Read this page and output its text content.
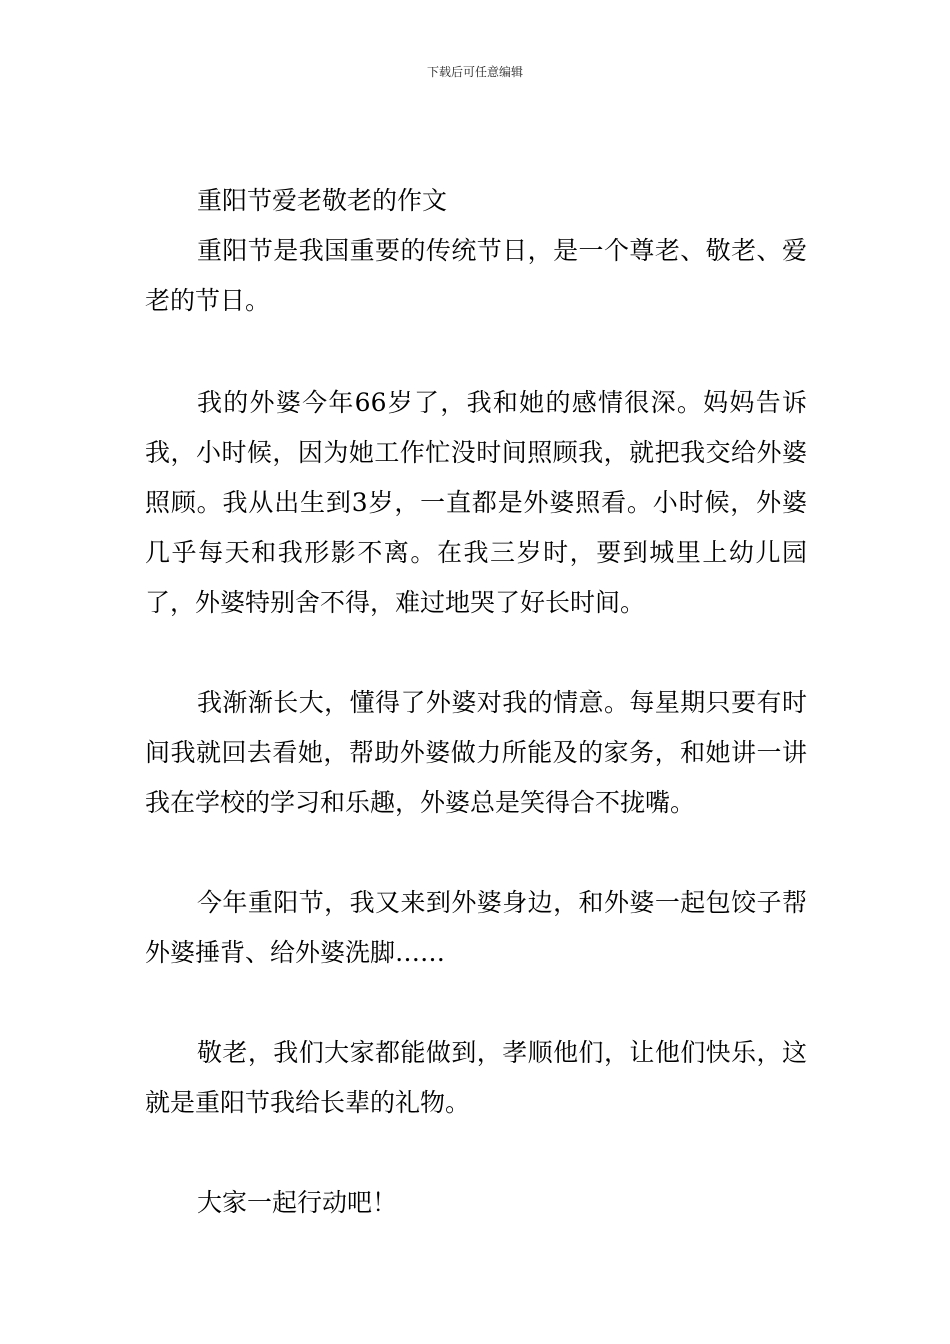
下载后可任意编辑

重阳节爱老敬老的作文

重阳节是我国重要的传统节日，是一个尊老、敬老、爱老的节日。

我的外婆今年66岁了，我和她的感情很深。妈妈告诉我，小时候，因为她工作忙没时间照顾我，就把我交给外婆照顾。我从出生到3岁，一直都是外婆照看。小时候，外婆几乎每天和我形影不离。在我三岁时，要到城里上幼儿园了，外婆特别舍不得，难过地哭了好长时间。

我渐渐长大，懂得了外婆对我的情意。每星期只要有时间我就回去看她，帮助外婆做力所能及的家务，和她讲一讲我在学校的学习和乐趣，外婆总是笑得合不拢嘴。

今年重阳节，我又来到外婆身边，和外婆一起包饺子帮外婆捶背、给外婆洗脚……

敬老，我们大家都能做到，孝顺他们，让他们快乐，这就是重阳节我给长辈的礼物。

大家一起行动吧！
